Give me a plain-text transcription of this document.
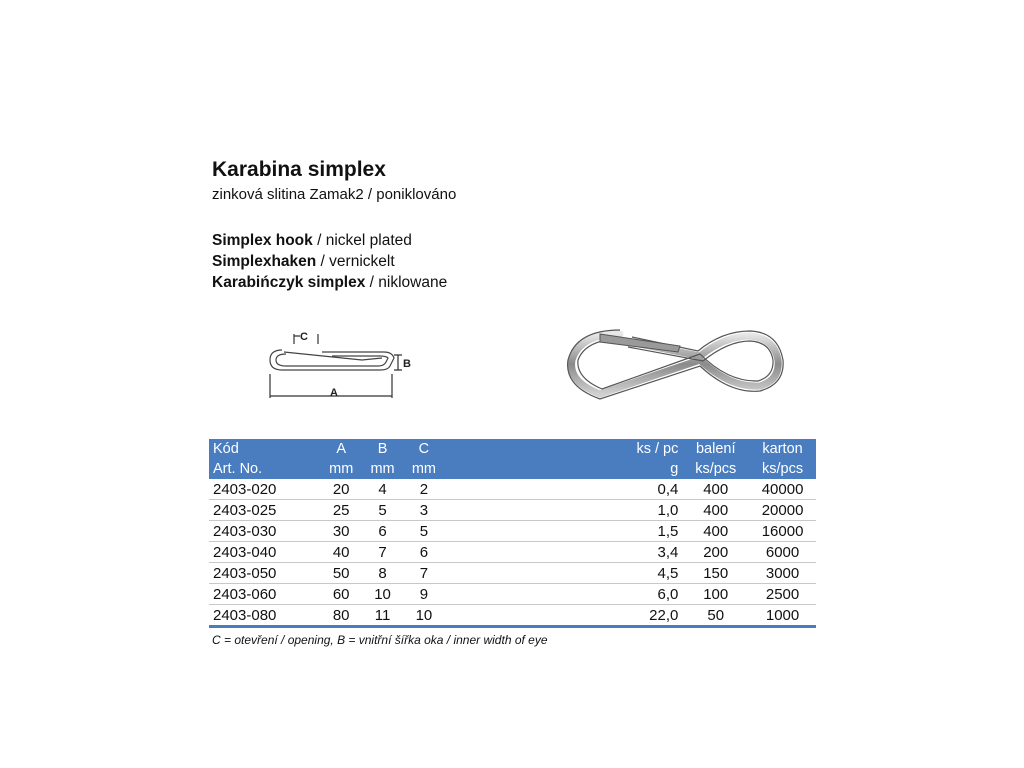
Karabina simplex
zinková slitina Zamak2 / poniklováno
Simplex hook / nickel plated
Simplexhaken / vernickelt
Karabińczyk simplex / niklowane
C
B
A
Kód	A	B	C		ks / pc	balení	karton
Art. No.	mm	mm	mm		g	ks/pcs	ks/pcs
2403-020	20	4	2		0,4	400	40000
2403-025	25	5	3		1,0	400	20000
2403-030	30	6	5		1,5	400	16000
2403-040	40	7	6		3,4	200	6000
2403-050	50	8	7		4,5	150	3000
2403-060	60	10	9		6,0	100	2500
2403-080	80	11	10		22,0	50	1000
C = otevření / opening, B = vnitřní šířka oka / inner width of eye
